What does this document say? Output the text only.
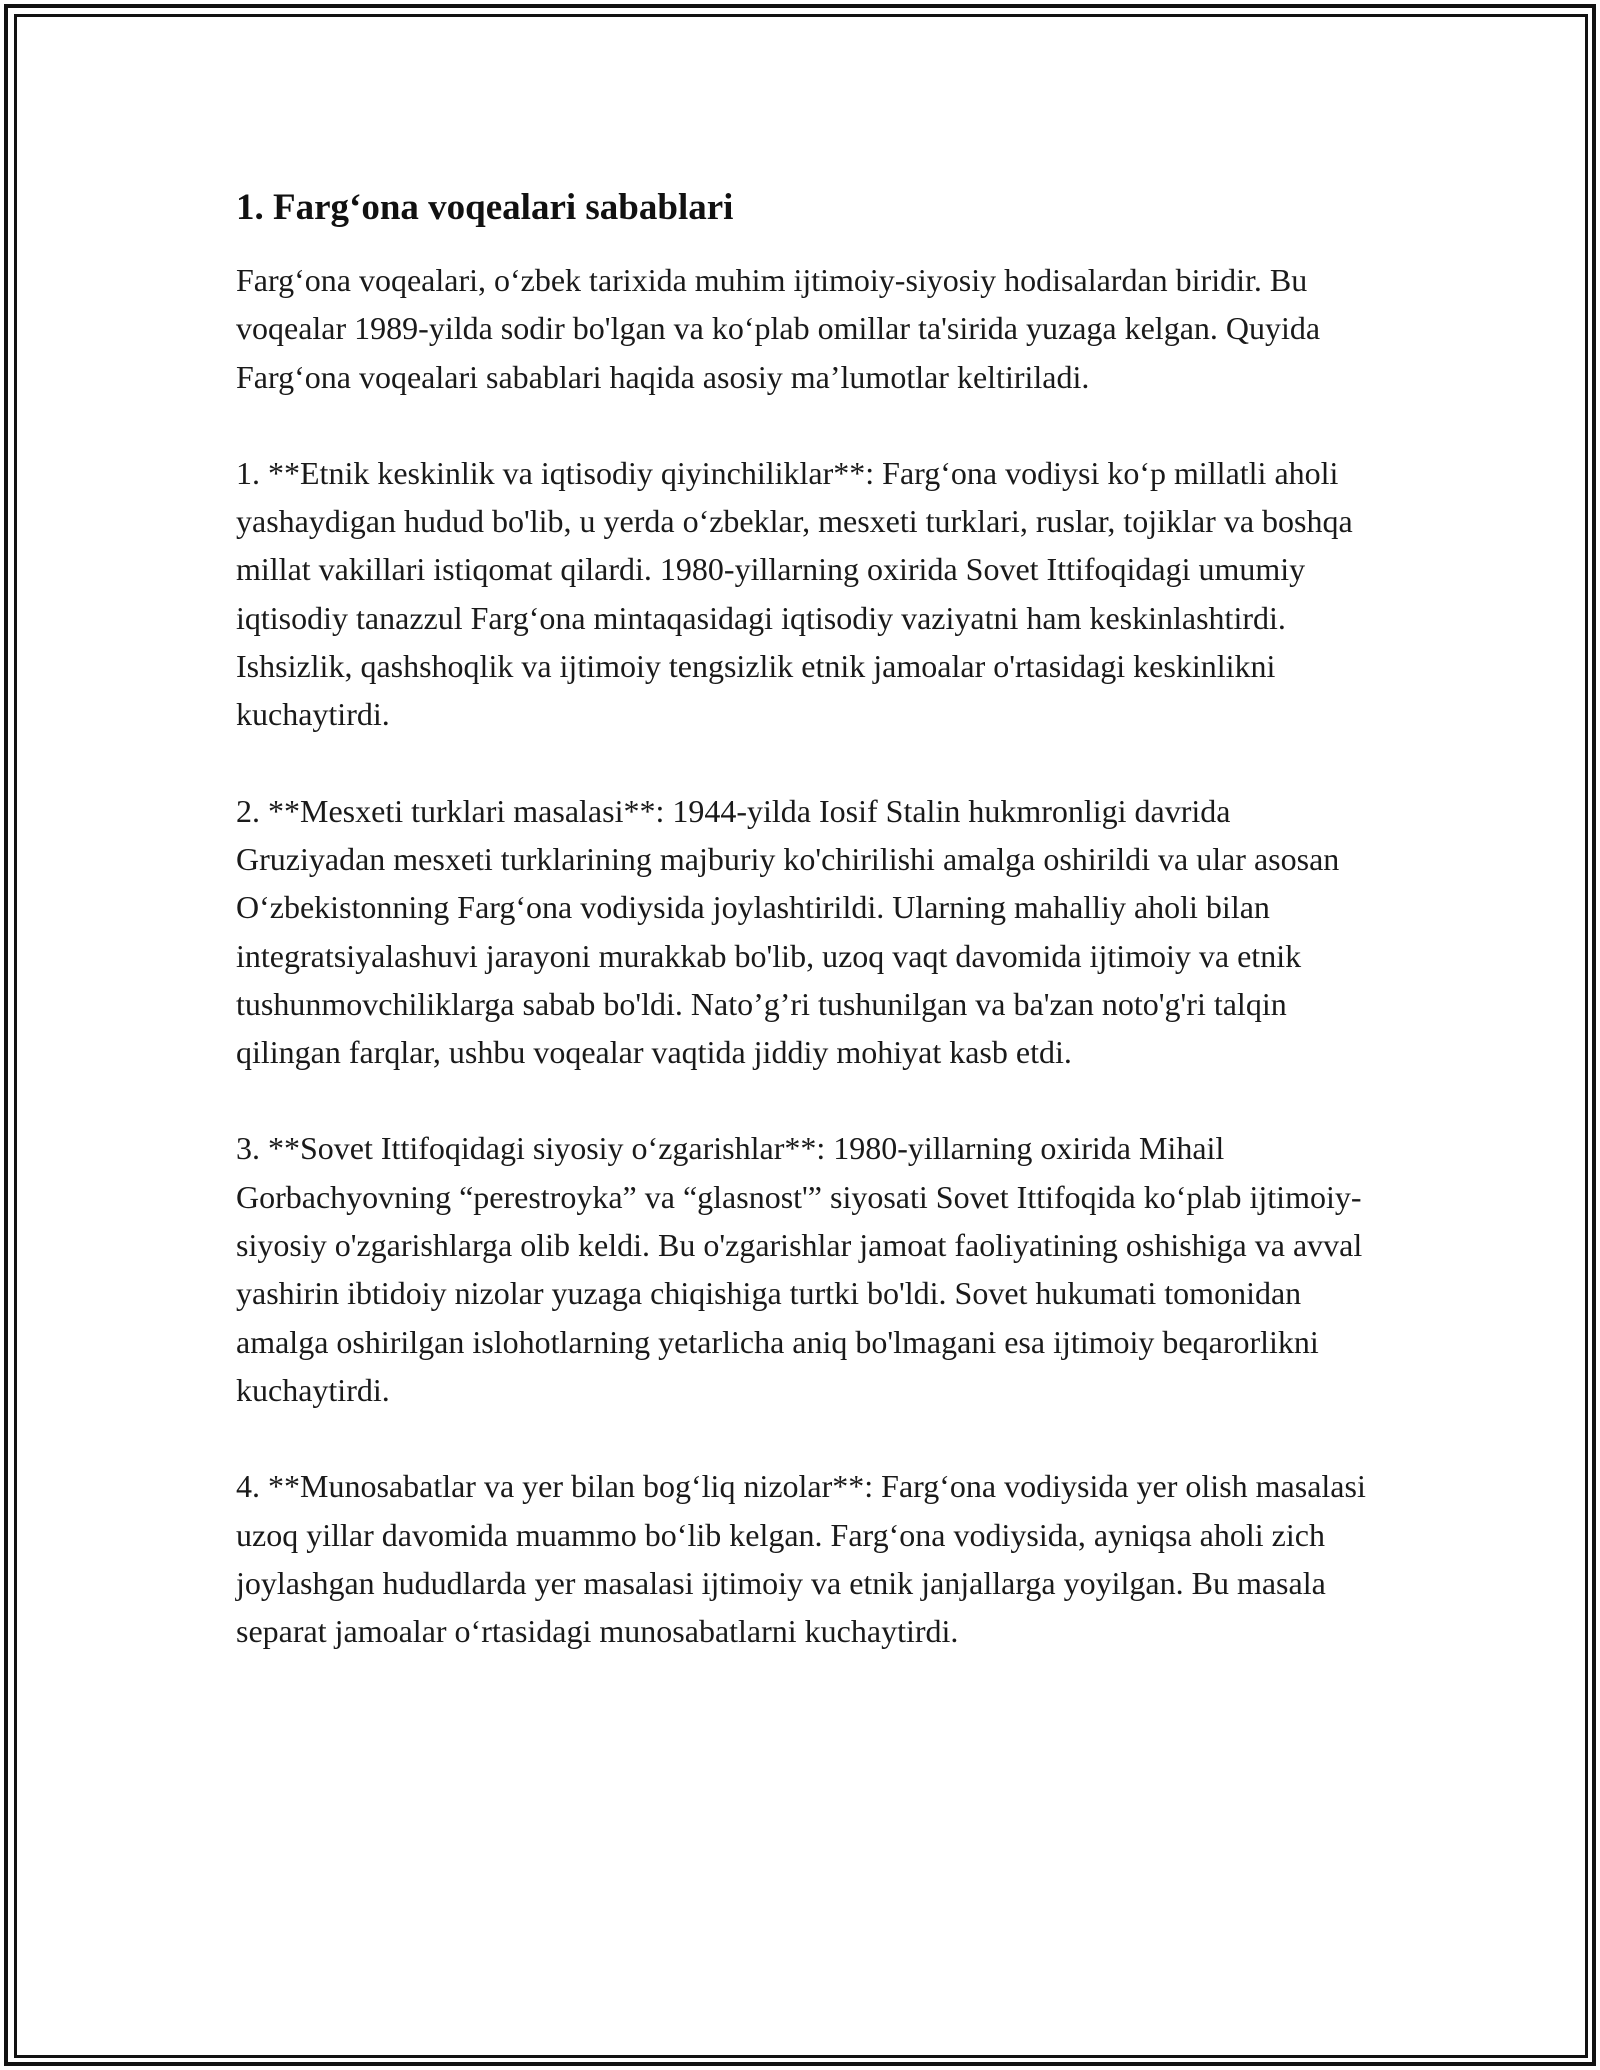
1. Farg‘ona voqealari sabablari

Farg‘ona voqealari, o‘zbek tarixida muhim ijtimoiy-siyosiy hodisalardan biridir. Bu voqealar 1989-yilda sodir bo'lgan va ko‘plab omillar ta'sirida yuzaga kelgan. Quyida Farg‘ona voqealari sabablari haqida asosiy ma’lumotlar keltiriladi.

1. **Etnik keskinlik va iqtisodiy qiyinchiliklar**: Farg‘ona vodiysi ko‘p millatli aholi yashaydigan hudud bo'lib, u yerda o‘zbeklar, mesxeti turklari, ruslar, tojiklar va boshqa millat vakillari istiqomat qilardi. 1980-yillarning oxirida Sovet Ittifoqidagi umumiy iqtisodiy tanazzul Farg‘ona mintaqasidagi iqtisodiy vaziyatni ham keskinlashtirdi. Ishsizlik, qashshoqlik va ijtimoiy tengsizlik etnik jamoalar o'rtasidagi keskinlikni kuchaytirdi.

2. **Mesxeti turklari masalasi**: 1944-yilda Iosif Stalin hukmronligi davrida Gruziyadan mesxeti turklarining majburiy ko'chirilishi amalga oshirildi va ular asosan O‘zbekistonning Farg‘ona vodiysida joylashtirildi. Ularning mahalliy aholi bilan integratsiyalashuvi jarayoni murakkab bo'lib, uzoq vaqt davomida ijtimoiy va etnik tushunmovchiliklarga sabab bo'ldi. Nato’g’ri tushunilgan va ba'zan noto'g'ri talqin qilingan farqlar, ushbu voqealar vaqtida jiddiy mohiyat kasb etdi.

3. **Sovet Ittifoqidagi siyosiy o‘zgarishlar**: 1980-yillarning oxirida Mihail Gorbachyovning “perestroyka” va “glasnost'” siyosati Sovet Ittifoqida ko‘plab ijtimoiy-siyosiy o'zgarishlarga olib keldi. Bu o'zgarishlar jamoat faoliyatining oshishiga va avval yashirin ibtidoiy nizolar yuzaga chiqishiga turtki bo'ldi. Sovet hukumati tomonidan amalga oshirilgan islohotlarning yetarlicha aniq bo'lmagani esa ijtimoiy beqarorlikni kuchaytirdi.

4. **Munosabatlar va yer bilan bog‘liq nizolar**: Farg‘ona vodiysida yer olish masalasi uzoq yillar davomida muammo bo‘lib kelgan. Farg‘ona vodiysida, ayniqsa aholi zich joylashgan hududlarda yer masalasi ijtimoiy va etnik janjallarga yoyilgan. Bu masala separat jamoalar o‘rtasidagi munosabatlarni kuchaytirdi.
